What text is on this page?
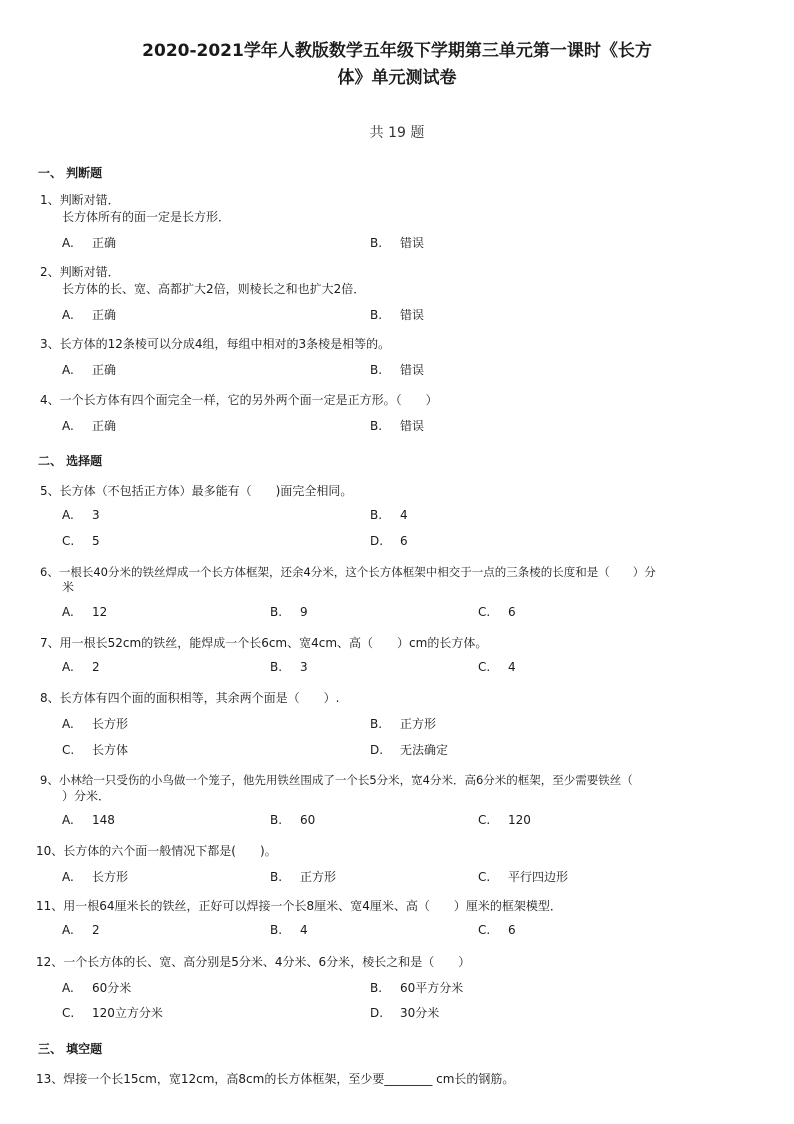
2020-2021学年人教版数学五年级下学期第三单元第一课时《长方
体》单元测试卷
共 19 题
一、 判断题
1、判断对错．
长方体所有的面一定是长方形．
A. 正确	B. 错误
2、判断对错．
长方体的长、宽、高都扩大2倍，则棱长之和也扩大2倍．
A. 正确	B. 错误
3、长方体的12条棱可以分成4组，每组中相对的3条棱是相等的。
A. 正确	B. 错误
4、一个长方体有四个面完全一样，它的另外两个面一定是正方形。（　　）
A. 正确	B. 错误
二、 选择题
5、长方体（不包括正方体）最多能有（　　)面完全相同。
A. 3	B. 4
C. 5	D. 6
6、一根长40分米的铁丝焊成一个长方体框架，还余4分米，这个长方体框架中相交于一点的三条棱的长度和是（　　）分
米
A. 12	B. 9	C. 6
7、用一根长52cm的铁丝，能焊成一个长6cm、宽4cm、高（　　）cm的长方体。
A. 2	B. 3	C. 4
8、长方体有四个面的面积相等，其余两个面是（　　）.
A. 长方形	B. 正方形
C. 长方体	D. 无法确定
9、小林给一只受伤的小鸟做一个笼子，他先用铁丝围成了一个长5分米，宽4分米．高6分米的框架，至少需要铁丝（
）分米．
A. 148	B. 60	C. 120
10、长方体的六个面一般情况下都是(　　)。
A. 长方形	B. 正方形	C. 平行四边形
11、用一根64厘米长的铁丝，正好可以焊接一个长8厘米、宽4厘米、高（　　）厘米的框架模型．
A. 2	B. 4	C. 6
12、一个长方体的长、宽、高分别是5分米、4分米、6分米，棱长之和是（　　）
A. 60分米	B. 60平方分米
C. 120立方分米	D. 30分米
三、 填空题
13、焊接一个长15cm，宽12cm，高8cm的长方体框架，至少要________ cm长的钢筋。
